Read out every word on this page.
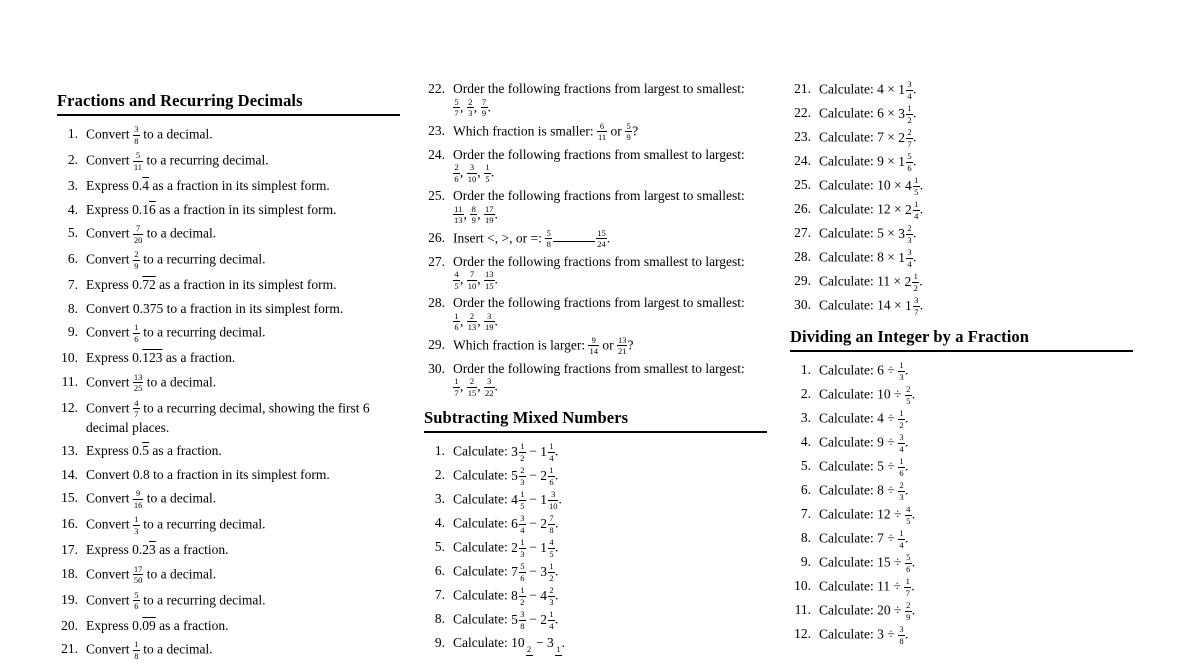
Fractions and Recurring Decimals
1. Convert $\frac{3}{8}$ to a decimal.
2. Convert $\frac{5}{11}$ to a recurring decimal.
3. Express 0.4 as a fraction in its simplest form.
4. Express 0.16 as a fraction in its simplest form.
5. Convert $\frac{7}{20}$ to a decimal.
6. Convert $\frac{2}{9}$ to a recurring decimal.
7. Express 0.72 as a fraction in its simplest form.
8. Convert 0.375 to a fraction in its simplest form.
9. Convert $\frac{1}{6}$ to a recurring decimal.
10. Express 0.123 as a fraction.
11. Convert $\frac{13}{25}$ to a decimal.
12. Convert $\frac{4}{7}$ to a recurring decimal, showing the first 6 decimal places.
13. Express 0.5 as a fraction.
14. Convert 0.8 to a fraction in its simplest form.
15. Convert $\frac{9}{16}$ to a decimal.
16. Convert $\frac{1}{3}$ to a recurring decimal.
17. Express 0.23 as a fraction.
18. Convert $\frac{17}{50}$ to a decimal.
19. Convert $\frac{5}{6}$ to a recurring decimal.
20. Express 0.09 as a fraction.
21. Convert $\frac{1}{8}$ to a decimal.
22. Order the following fractions from largest to smallest:

$\frac{5}{7}$ , $\frac{2}{3}$ , $\frac{7}{9}$ .
23. Which fraction is smaller: $\frac{6}{11}$ or $\frac{5}{9}$ ?
24. Order the following fractions from smallest to largest:

$\frac{2}{6}$ , $\frac{3}{10}$ , $\frac{1}{5}$ .
25. Order the following fractions from largest to smallest:

$\frac{11}{13}$ , $\frac{8}{9}$ , $\frac{17}{19}$ .
26. Insert <, >, or =: $\frac{5}{8}$	$\frac{15}{24}$ .
27. Order the following fractions from smallest to largest:

$\frac{4}{5}$ , $\frac{7}{10}$ , $\frac{13}{15}$ .
28. Order the following fractions from largest to smallest:

$\frac{1}{6}$ , $\frac{2}{13}$ , $\frac{3}{19}$ .
29. Which fraction is larger: $\frac{9}{14}$ or $\frac{13}{21}$ ?
30. Order the following fractions from smallest to largest:

$\frac{1}{7}$ , $\frac{2}{15}$ , $\frac{3}{22}$ .
Subtracting Mixed Numbers
1. Calculate: $3 \frac{1}{2} - 1 \frac{1}{4}$ .
2. Calculate: $5 \frac{2}{3} - 2 \frac{1}{6}$ .
3. Calculate: $4 \frac{1}{5} - 1 \frac{3}{10}$ .
4. Calculate: $6 \frac{3}{4} - 2 \frac{7}{8}$ .
5. Calculate: $2 \frac{1}{3} - 1 \frac{4}{5}$ .
6. Calculate: $7 \frac{5}{6} - 3 \frac{1}{2}$ .
7. Calculate: $8 \frac{1}{2} - 4 \frac{2}{3}$ .
8. Calculate: $5 \frac{3}{8} - 2 \frac{1}{4}$ .
9. Calculate: 10 2 − 3 1 .
21. Calculate: $4 \times 1 \frac{3}{4}$ .
22. Calculate: $6 \times 3 \frac{1}{2}$ .
23. Calculate: $7 \times 2 \frac{2}{7}$ .
24. Calculate: $9 \times 1 \frac{5}{6}$ .
25. Calculate: $10 \times 4 \frac{1}{5}$ .
26. Calculate: $12 \times 2 \frac{1}{4}$ .
27. Calculate: $5 \times 3 \frac{2}{3}$ .
28. Calculate: $8 \times 1 \frac{3}{4}$ .
29. Calculate: $11 \times 2 \frac{1}{2}$ .
30. Calculate: $14 \times 1 \frac{3}{7}$ .
Dividing an Integer by a Fraction
1. Calculate: $6 \div \frac{1}{3}$ .
2. Calculate: $10 \div \frac{2}{5}$ .
3. Calculate: $4 \div \frac{1}{2}$ .
4. Calculate: $9 \div \frac{3}{4}$ .
5. Calculate: $5 \div \frac{1}{6}$ .
6. Calculate: $8 \div \frac{2}{3}$ .
7. Calculate: $12 \div \frac{4}{5}$ .
8. Calculate: $7 \div \frac{1}{4}$ .
9. Calculate: $15 \div \frac{5}{6}$ .
10. Calculate: $11 \div \frac{1}{7}$ .
11. Calculate: $20 \div \frac{2}{9}$ .
12. Calculate: $3 \div \frac{3}{8}$ .
